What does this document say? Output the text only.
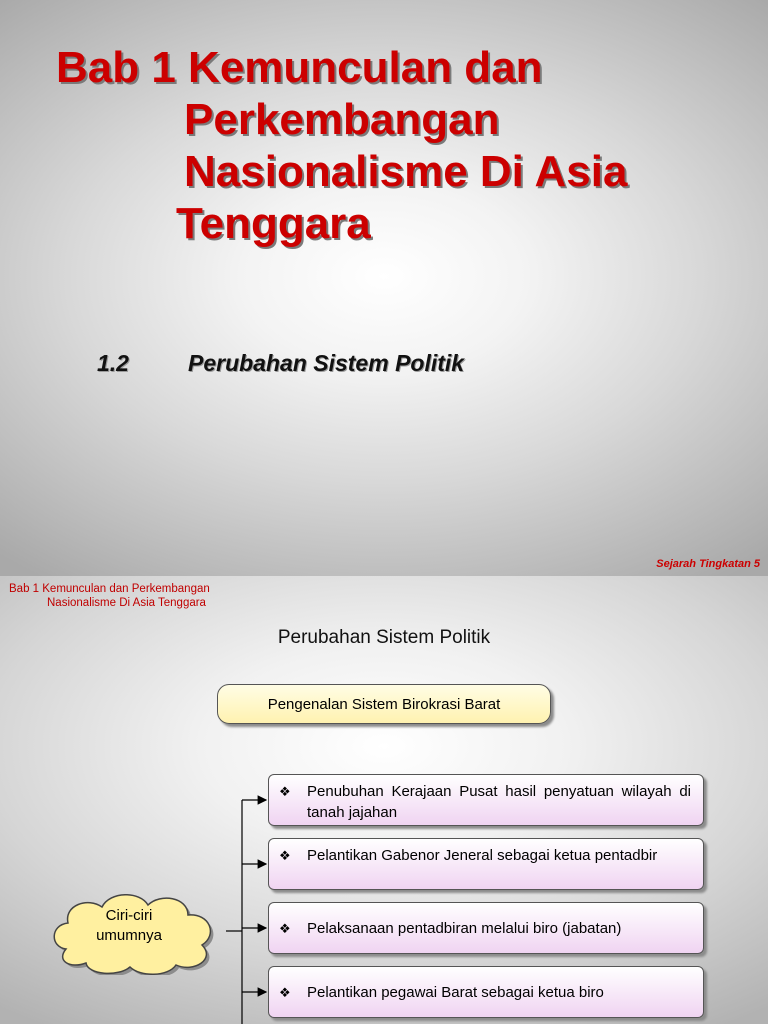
Bab 1 Kemunculan dan
Perkembangan
Nasionalisme Di Asia
Tenggara
1.2	Perubahan Sistem Politik
Sejarah Tingkatan 5
Bab 1 Kemunculan dan Perkembangan
Nasionalisme Di Asia Tenggara
Perubahan Sistem Politik
Pengenalan Sistem Birokrasi Barat
Ciri-ciri
umumnya
❖	Penubuhan Kerajaan Pusat hasil penyatuan wilayah di tanah jajahan
❖	Pelantikan Gabenor Jeneral sebagai ketua pentadbir
❖	Pelaksanaan pentadbiran melalui biro (jabatan)
❖	Pelantikan pegawai Barat sebagai ketua biro
